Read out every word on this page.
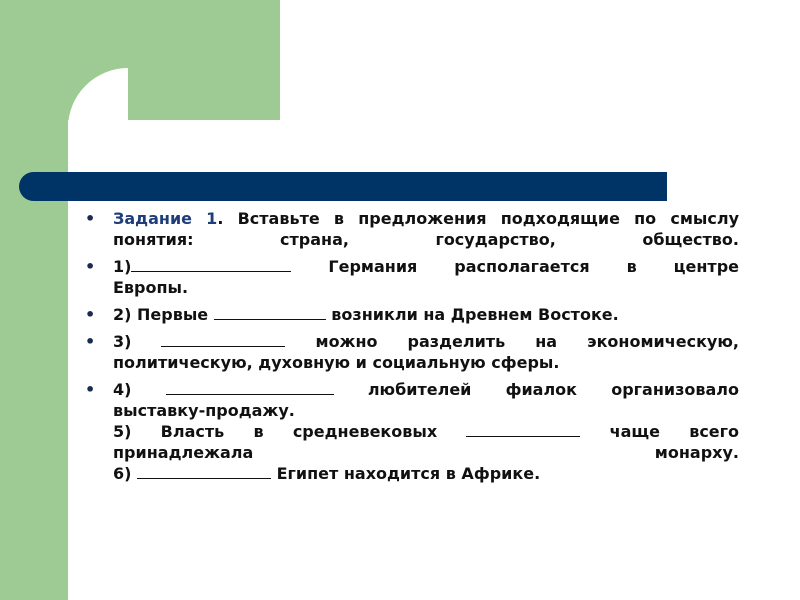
• Задание 1. Вставьте в предложения подходящие по смыслу понятия: страна, государство, общество.
• 1)	Германия располагается в центре
Европы.
• 2) Первые	возникли на Древнем Востоке.
• 3)	можно разделить на экономическую,
политическую, духовную и социальную сферы.
• 4)	любителей фиалок организовало
выставку-продажу.
5) Власть в средневековых	чаще всего
принадлежала	монарху.
6)	Египет находится в Африке.
